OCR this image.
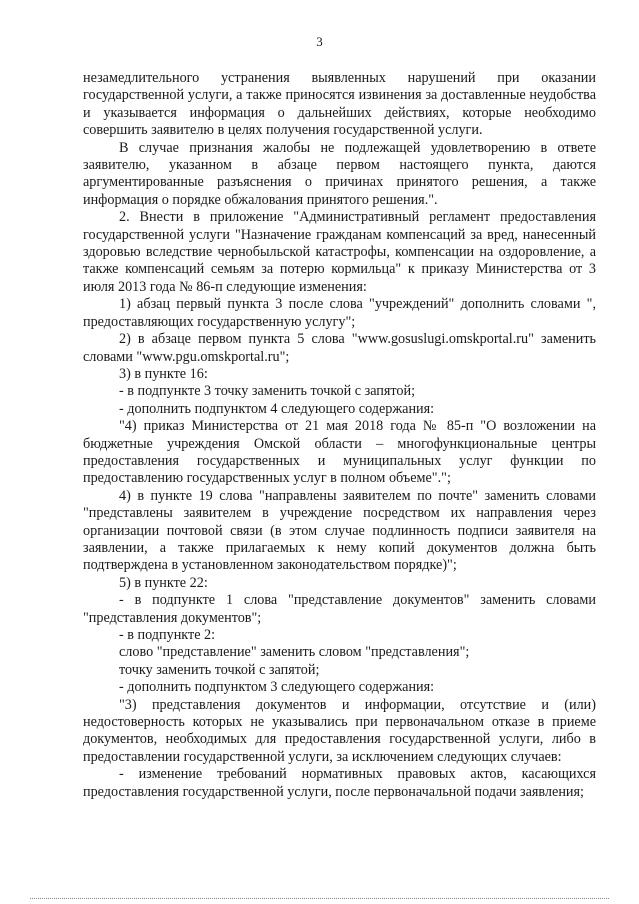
3

незамедлительного устранения выявленных нарушений при оказании государственной услуги, а также приносятся извинения за доставленные неудобства и указывается информация о дальнейших действиях, которые необходимо совершить заявителю в целях получения государственной услуги.

В случае признания жалобы не подлежащей удовлетворению в ответе заявителю, указанном в абзаце первом настоящего пункта, даются аргументированные разъяснения о причинах принятого решения, а также информация о порядке обжалования принятого решения.".

2. Внести в приложение "Административный регламент предоставления государственной услуги "Назначение гражданам компенсаций за вред, нанесенный здоровью вследствие чернобыльской катастрофы, компенсации на оздоровление, а также компенсаций семьям за потерю кормильца" к приказу Министерства от 3 июля 2013 года № 86-п следующие изменения:

1) абзац первый пункта 3 после слова "учреждений" дополнить словами ", предоставляющих государственную услугу";

2) в абзаце первом пункта 5 слова "www.gosuslugi.omskportal.ru" заменить словами "www.pgu.omskportal.ru";

3) в пункте 16:

- в подпункте 3 точку заменить точкой с запятой;

- дополнить подпунктом 4 следующего содержания:

"4) приказ Министерства от 21 мая 2018 года № 85-п "О возложении на бюджетные учреждения Омской области – многофункциональные центры предоставления государственных и муниципальных услуг функции по предоставлению государственных услуг в полном объеме".";

4) в пункте 19 слова "направлены заявителем по почте" заменить словами "представлены заявителем в учреждение посредством их направления через организации почтовой связи (в этом случае подлинность подписи заявителя на заявлении, а также прилагаемых к нему копий документов должна быть подтверждена в установленном законодательством порядке)";

5) в пункте 22:

- в подпункте 1 слова "представление документов" заменить словами "представления документов";

- в подпункте 2:

слово "представление" заменить словом "представления";

точку заменить точкой с запятой;

- дополнить подпунктом 3 следующего содержания:

"3) представления документов и информации, отсутствие и (или) недостоверность которых не указывались при первоначальном отказе в приеме документов, необходимых для предоставления государственной услуги, либо в предоставлении государственной услуги, за исключением следующих случаев:

- изменение требований нормативных правовых актов, касающихся предоставления государственной услуги, после первоначальной подачи заявления;
